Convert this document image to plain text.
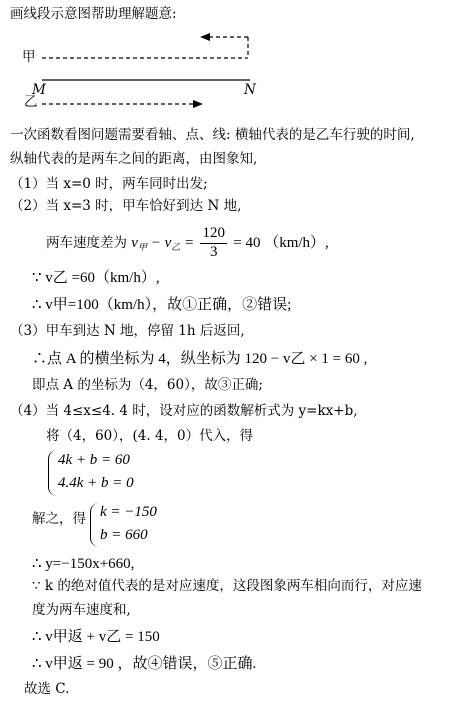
画线段示意图帮助理解题意:
甲
M	N
乙
一次函数看图问题需要看轴、点、线: 横轴代表的是乙车行驶的时间,
纵轴代表的是两车之间的距离，由图象知,
（1）当 x=0 时，两车同时出发;
（2）当 x=3 时，甲车恰好到达 N 地,
两车速度差为 $v_甲 - v_乙 = \frac{120}{3} = 40$ （km/h）,
∵ v乙 =60（km/h）,
∴ v甲=100（km/h），故①正确，②错误;
（3）甲车到达 N 地，停留 1h 后返回,
∴点 A 的横坐标为 4，纵坐标为 120 − v乙 × 1 = 60 ,
即点 A 的坐标为（4，60），故③正确;
（4）当 4≤x≤4. 4 时，设对应的函数解析式为 y=kx+b,
将（4，60），(4. 4，0）代入，得
4k + b = 60
4.4k + b = 0
解之，得 k = −150
b = 660
∴ y=−150x+660,
∵ k 的绝对值代表的是对应速度，这段图象两车相向而行，对应速
度为两车速度和,
∴ v甲返 + v乙 = 150
∴ v甲返 = 90 ，故④错误，⑤正确.
故选 C.
